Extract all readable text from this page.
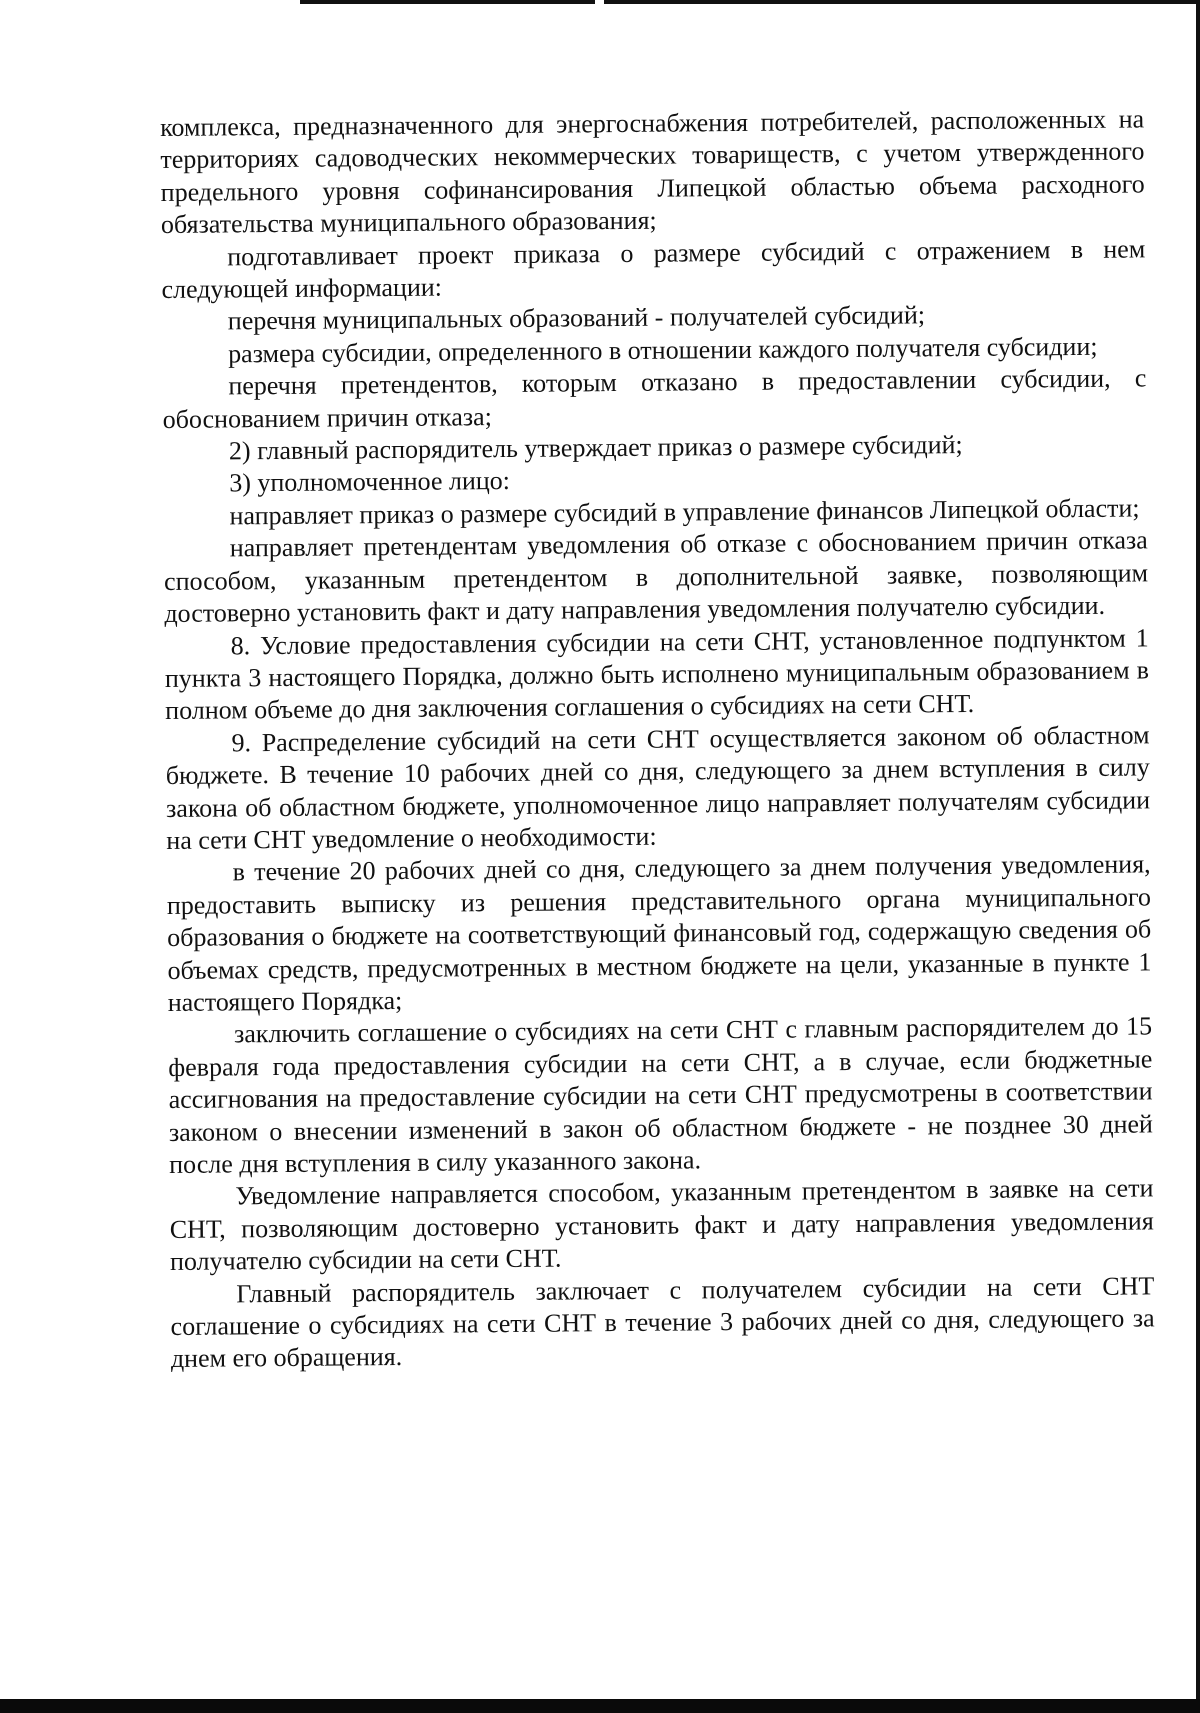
комплекса, предназначенного для энергоснабжения потребителей, расположенных на территориях садоводческих некоммерческих товариществ, с учетом утвержденного предельного уровня софинансирования Липецкой областью объема расходного обязательства муниципального образования;

подготавливает проект приказа о размере субсидий с отражением в нем следующей информации:

перечня муниципальных образований - получателей субсидий;

размера субсидии, определенного в отношении каждого получателя субсидии;

перечня претендентов, которым отказано в предоставлении субсидии, с обоснованием причин отказа;

2) главный распорядитель утверждает приказ о размере субсидий;

3) уполномоченное лицо:

направляет приказ о размере субсидий в управление финансов Липецкой области;

направляет претендентам уведомления об отказе с обоснованием причин отказа способом, указанным претендентом в дополнительной заявке, позволяющим достоверно установить факт и дату направления уведомления получателю субсидии.

8. Условие предоставления субсидии на сети СНТ, установленное подпунктом 1 пункта 3 настоящего Порядка, должно быть исполнено муниципальным образованием в полном объеме до дня заключения соглашения о субсидиях на сети СНТ.

9. Распределение субсидий на сети СНТ осуществляется законом об областном бюджете. В течение 10 рабочих дней со дня, следующего за днем вступления в силу закона об областном бюджете, уполномоченное лицо направляет получателям субсидии на сети СНТ уведомление о необходимости:

в течение 20 рабочих дней со дня, следующего за днем получения уведомления, предоставить выписку из решения представительного органа муниципального образования о бюджете на соответствующий финансовый год, содержащую сведения об объемах средств, предусмотренных в местном бюджете на цели, указанные в пункте 1 настоящего Порядка;

заключить соглашение о субсидиях на сети СНТ с главным распорядителем до 15 февраля года предоставления субсидии на сети СНТ, а в случае, если бюджетные ассигнования на предоставление субсидии на сети СНТ предусмотрены в соответствии законом о внесении изменений в закон об областном бюджете - не позднее 30 дней после дня вступления в силу указанного закона.

Уведомление направляется способом, указанным претендентом в заявке на сети СНТ, позволяющим достоверно установить факт и дату направления уведомления получателю субсидии на сети СНТ.

Главный распорядитель заключает с получателем субсидии на сети СНТ соглашение о субсидиях на сети СНТ в течение 3 рабочих дней со дня, следующего за днем его обращения.
